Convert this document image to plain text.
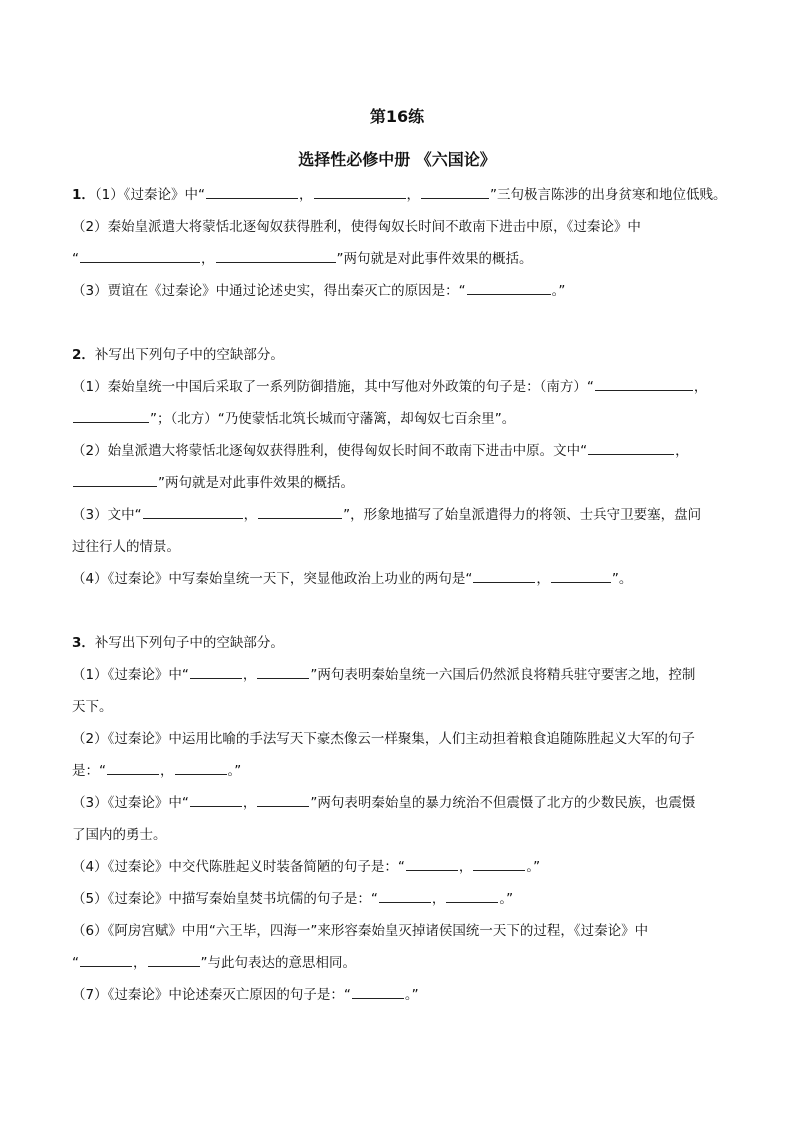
第16练
选择性必修中册 《六国论》
1．（1）《过秦论》中“	，	，	”三句极言陈涉的出身贫寒和地位低贱。
（2）秦始皇派遣大将蒙恬北逐匈奴获得胜利，使得匈奴长时间不敢南下进击中原，《过秦论》中
“	，	”两句就是对此事件效果的概括。
（3）贾谊在《过秦论》中通过论述史实，得出秦灭亡的原因是：“	。”
2．补写出下列句子中的空缺部分。
（1）秦始皇统一中国后采取了一系列防御措施，其中写他对外政策的句子是：（南方）“	，
”；（北方）“乃使蒙恬北筑长城而守藩篱，却匈奴七百余里”。
（2）始皇派遣大将蒙恬北逐匈奴获得胜利，使得匈奴长时间不敢南下进击中原。文中“	，
”两句就是对此事件效果的概括。
（3）文中“	，	”，形象地描写了始皇派遣得力的将领、士兵守卫要塞，盘问
过往行人的情景。
（4）《过秦论》中写秦始皇统一天下，突显他政治上功业的两句是“	，	”。
3．补写出下列句子中的空缺部分。
（1）《过秦论》中“	，	”两句表明秦始皇统一六国后仍然派良将精兵驻守要害之地，控制
天下。
（2）《过秦论》中运用比喻的手法写天下豪杰像云一样聚集，人们主动担着粮食追随陈胜起义大军的句子
是：“	，	。”
（3）《过秦论》中“	，	”两句表明秦始皇的暴力统治不但震慑了北方的少数民族，也震慑
了国内的勇士。
（4）《过秦论》中交代陈胜起义时装备简陋的句子是：“	，	。”
（5）《过秦论》中描写秦始皇焚书坑儒的句子是：“	，	。”
（6）《阿房宫赋》中用“六王毕，四海一”来形容秦始皇灭掉诸侯国统一天下的过程，《过秦论》中
“	，	”与此句表达的意思相同。
（7）《过秦论》中论述秦灭亡原因的句子是：“	。”
